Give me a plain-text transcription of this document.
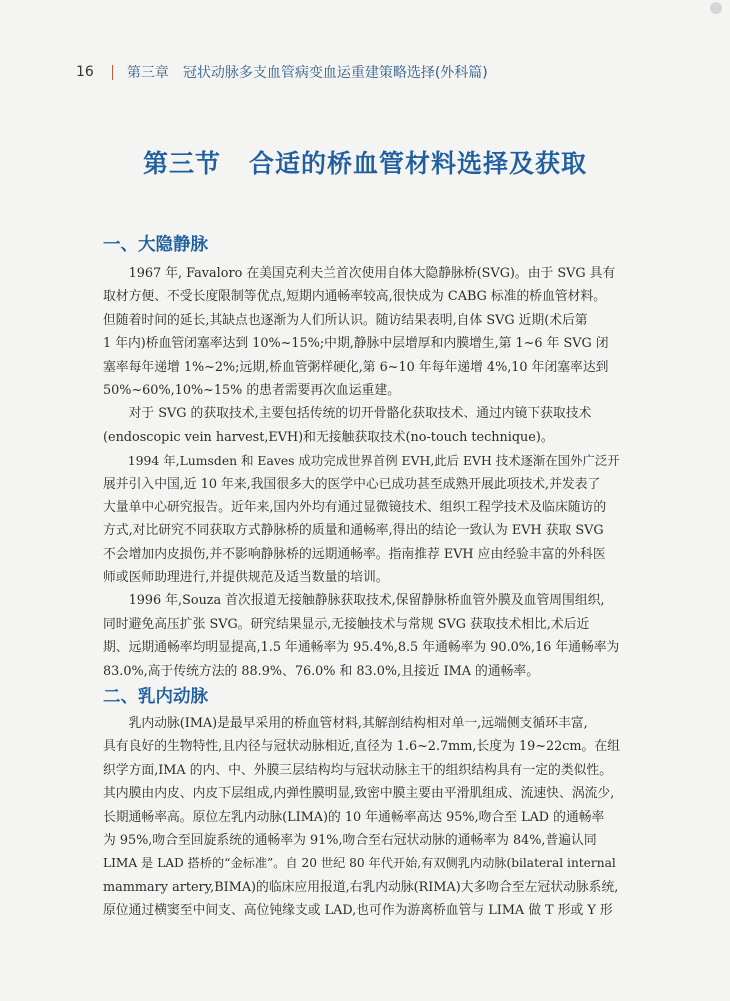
16 第三章　冠状动脉多支血管病变血运重建策略选择(外科篇)
第三节 合适的桥血管材料选择及获取
一、大隐静脉
　　1967 年, Favaloro 在美国克利夫兰首次使用自体大隐静脉桥(SVG)。由于 SVG 具有
取材方便、不受长度限制等优点,短期内通畅率较高,很快成为 CABG 标准的桥血管材料。
但随着时间的延长,其缺点也逐渐为人们所认识。随访结果表明,自体 SVG 近期(术后第
1 年内)桥血管闭塞率达到 10%~15%;中期,静脉中层增厚和内膜增生,第 1~6 年 SVG 闭
塞率每年递增 1%~2%;远期,桥血管粥样硬化,第 6~10 年每年递增 4%,10 年闭塞率达到
50%~60%,10%~15% 的患者需要再次血运重建。
　　对于 SVG 的获取技术,主要包括传统的切开骨骼化获取技术、通过内镜下获取技术
(endoscopic vein harvest,EVH)和无接触获取技术(no-touch technique)。
　　1994 年,Lumsden 和 Eaves 成功完成世界首例 EVH,此后 EVH 技术逐渐在国外广泛开
展并引入中国,近 10 年来,我国很多大的医学中心已成功甚至成熟开展此项技术,并发表了
大量单中心研究报告。近年来,国内外均有通过显微镜技术、组织工程学技术及临床随访的
方式,对比研究不同获取方式静脉桥的质量和通畅率,得出的结论一致认为 EVH 获取 SVG
不会增加内皮损伤,并不影响静脉桥的远期通畅率。指南推荐 EVH 应由经验丰富的外科医
师或医师助理进行,并提供规范及适当数量的培训。
　　1996 年,Souza 首次报道无接触静脉获取技术,保留静脉桥血管外膜及血管周围组织,
同时避免高压扩张 SVG。研究结果显示,无接触技术与常规 SVG 获取技术相比,术后近
期、远期通畅率均明显提高,1.5 年通畅率为 95.4%,8.5 年通畅率为 90.0%,16 年通畅率为
83.0%,高于传统方法的 88.9%、76.0% 和 83.0%,且接近 IMA 的通畅率。
二、乳内动脉
　　乳内动脉(IMA)是最早采用的桥血管材料,其解剖结构相对单一,远端侧支循环丰富,
具有良好的生物特性,且内径与冠状动脉相近,直径为 1.6~2.7mm,长度为 19~22cm。在组
织学方面,IMA 的内、中、外膜三层结构均与冠状动脉主干的组织结构具有一定的类似性。
其内膜由内皮、内皮下层组成,内弹性膜明显,致密中膜主要由平滑肌组成、流速快、涡流少,
长期通畅率高。原位左乳内动脉(LIMA)的 10 年通畅率高达 95%,吻合至 LAD 的通畅率
为 95%,吻合至回旋系统的通畅率为 91%,吻合至右冠状动脉的通畅率为 84%,普遍认同
LIMA 是 LAD 搭桥的“金标准”。自 20 世纪 80 年代开始,有双侧乳内动脉(bilateral internal
mammary artery,BIMA)的临床应用报道,右乳内动脉(RIMA)大多吻合至左冠状动脉系统,
原位通过横窦至中间支、高位钝缘支或 LAD,也可作为游离桥血管与 LIMA 做 T 形或 Y 形
